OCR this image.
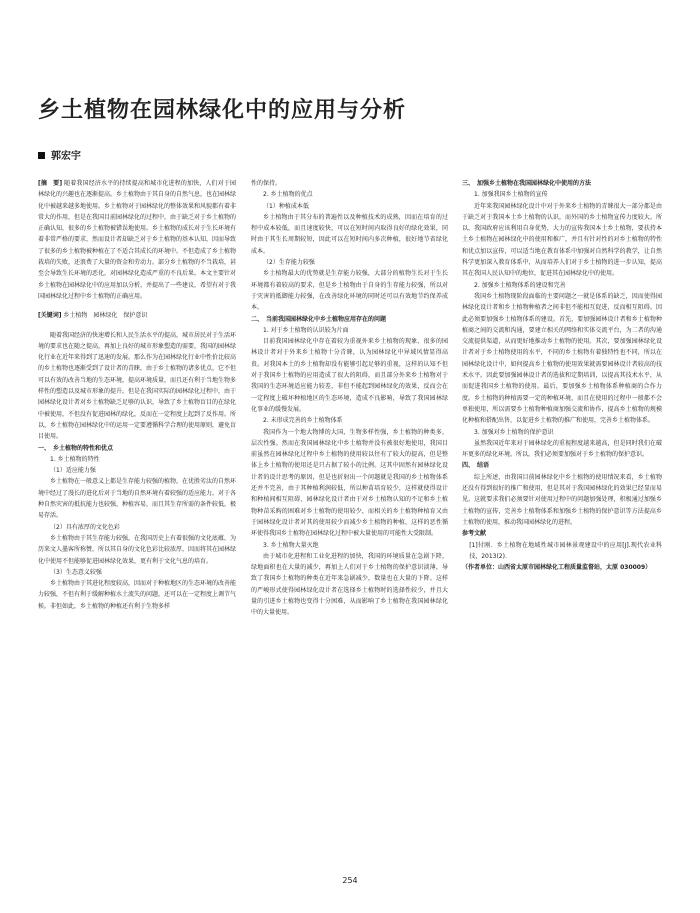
乡土植物在园林绿化中的应用与分析
郭宏宇

[摘　要] 随着我国经济水平的持续提高和城市化进程的加快，人们对于园林绿化的兴趣也在逐渐提高。乡土植物由于其自身的自然气息，也在园林绿化中被越来越多地使用。乡土植物对于园林绿化的整体效果和风貌都有着非常大的作用，但是在我国目前园林绿化的过程中，由于缺乏对于乡土植物的正确认知，很多的乡土植物被错误地使用。乡土植物的成长对于生长环境有着非常严格的要求，然而设计者却缺乏对于乡土植物的基本认知，因而导致了很多的乡土植物被种植在了不适合其成长的环境中。不但造成了乡土植物栽培的失败，还浪费了大量的资金和劳动力。部分乡土植物的不当栽培，甚至会导致生长环境的恶化，对园林绿化造成严重的不良后果。本文主要针对乡土植物在园林绿化中的应用加以分析，并提出了一些建议，希望有对于我国园林绿化过程中乡土植物的正确应用。

[关键词] 乡土植物　园林绿化　保护意识

随着我国经济的快速增长和人民生活水平的提高，城市居民对于生活环境的要求也在随之提高，再加上良好的城市形象塑造的需要，我国的园林绿化行业在近年来得到了迅速的发展。那么作为在园林绿化行业中性价比较高的乡土植物也逐渐受到了设计者的青睐，由于乡土植物的诸多优点，它不但可以有效的改善当地的生态环境，提高环境质量，而且还有利于当地生物多样性的塑造以及城市形象的提升。但是在我国实际的园林绿化过程中，由于园林绿化设计者对乡土植物缺乏足够的认识，导致了乡土植物盲目的在绿化中被使用，不但没有促进园林的绿化，反而在一定程度上起到了反作用。所以，乡土植物在园林绿化中的运用一定要遵循科学合理的使用原则，避免盲目使用。

一、　乡土植物的特性和优点

1. 乡土植物的特性

（1）适应能力强

乡土植物在一般意义上都是生存能力较强的植物，在优胜劣汰的自然环境中经过了漫长的进化后对于当地的自然环境有着较强的适应能力。对于各种自然灾害的抵抗能力也较强，种植容易，而且其生存所需的条件较低，极易存活。

（2）具有浓厚的文化色彩

乡土植物由于其生存能力较强，在我国历史上有着很强的文化底蕴，为历来文人墨客所称赞，所以其自身的文化色彩比较浓厚，因而将其在园林绿化中使用不但能够促进园林绿化效果，更有利于文化气息的培育。

（3）生态意义较强

乡土植物由于其进化程度较高，因而对于种植地区的生态环境的改善能力较强，不但有利于缓解种植水土流失的问题，还可以在一定程度上调节气候。非但如此，乡土植物的种植还有利于生物多样

性的保持。

2. 乡土植物的优点

（1）种植成本低

乡土植物由于其分布的普遍性以及种植技术的成熟，因而在培育的过程中成本较低，而且速度较快，可以在短时间内取得良好的绿化效果，同时由于其生长周期较短，因此可以在短时间内多次种植，很好地节省绿化成本。

（2）生存能力较强

乡土植物最大的优势就是生存能力较强，大部分的植物生长对于生长环境都有着较高的要求，但是乡土植物由于自身的生存能力较强，所以对于灾害的抵御能力较强，在改善绿化环境的同时还可以有效地节约保养成本。

二、　当前我国园林绿化中乡土植物应用存在的问题

1. 对于乡土植物的认识较为片面

目前我国园林绿化中存在着较为重视外来乡土植物的现象，很多的园林设计者对于外来乡土植物十分青睐，认为园林绿化中异域风情显得高贵。对我国本土的乡土植物却没有能够引起足够的重视，这样的认知不但对于我国乡土植物的应用造成了很大的阻碍，而且部分外来乡土植物对于我国的生态环境适应能力较差，非但不能起到园林绿化的效果，反而会在一定程度上破坏种植地区的生态环境，造成不良影响，导致了我国园林绿化事业的缓慢发展。

2. 未形成完善的乡土植物体系

我国作为一个地大物博的大国，生物多样性强，乡土植物的种类多，层次性强。然而在我国园林绿化中乡土植物并没有被很好地使用，我国目前虽然在园林绿化过程中乡土植物的使用较以往有了较大的提高，但是整体上乡土植物的使用还是只占据了较小的比例。这其中固然有园林绿化设计者的设计思考的原因，但是也折射出一个问题就是我国的乡土植物体系还并不完善，由于其种植利润较低，所以种苗培育较少，这样就使得设计和种植间相互阻碍，园林绿化设计者由于对乡土植物认知的不足和乡土植物种苗采购的困难对乡土植物的使用较少，而相关的乡土植物种植育又由于园林绿化设计者对其的使用较少而减少乡土植物的种植，这样的恶性循环使得我国乡土植物在园林绿化过程中被大量使用的可能性大受限制。

3. 乡土植物大量灭绝

由于城市化进程和工业化进程的加快，我国的环境质量在急剧下降，绿地面积也在大量的减少，再加上人们对于乡土植物的保护意识淡薄，导致了我国乡土植物的种类在近年来急剧减少，数量也在大量的下降。这样的严峻形式使得园林绿化设计者在选择乡土植物时的选择性较少，并且大量的引进乡土植物也变得十分困难，从而影响了乡土植物在我国园林绿化中的大量使用。

三、　加强乡土植物在我国园林绿化中使用的方法

1. 加强我国乡土植物的宣传

近年来我国园林绿化设计中对于外来乡土植物的青睐很大一部分都是由于缺乏对于我国本土乡土植物的认识，而外国的乡土植物宣传力度较大。所以，我国政府应该利用自身优势，大力的宣传我国本土乡土植物，要扶持本土乡土植物在园林绿化中的使用和推广，并且有针对性的对乡土植物的特性和优点加以宣传，可以适当地在教育体系中加强对自然科学的教学，让自然科学更加深入教育体系中，从而培养人们对于乡土植物的进一步认知，提高其在我国人民认知中的地位，促进其在园林绿化中的使用。

2. 加强乡土植物体系的建设和完善

我国乡土植物现阶段面临的主要问题之一就是体系的缺乏，因而使得园林绿化设计者和乡土植物种植者之间非但不能相互促进，反而相互阻碍。因此必须要加强乡土植物体系的建设。首先，要加强园林设计者和乡土植物种植商之间的交流和沟通，要建立相关的网络和实体交流平台，为二者的沟通交流提供渠道，从而更好地推动乡土植物的使用。其次，要加强园林绿化设计者对于乡土植物使用的水平，不同的乡土植物有着独特性也不同，所以在园林绿化设计中，如何提高乡土植物的使用效果就需要园林设计者较高的技术水平。因此要加强园林设计者的选拔和定期培训，以提高其技术水平，从而促进我国乡土植物的使用。最后，要加强乡土植物体系种植商的合作力度。乡土植物的种植需要一定的种植环境，而且在使用的过程中一般都不会单独使用，所以需要乡土植物种植商加强交流和协作，提高乡土植物的规模化种植和搭配出售，以促进乡土植物的推广和使用，完善乡土植物体系。

3. 加强对乡土植物的保护意识

虽然我国近年来对于园林绿化的重视程度越来越高，但是同时我们在破坏更多的绿化环境。所以，我们必须要加强对于乡土植物的保护意识。

四、　结语

综上所述，由我国目前园林绿化中乡土植物的使用情况来看，乡土植物还没有得到很好的推广和使用，但是其对于我国园林绿化的效果已经显而易见。这就要求我们必须要针对使用过程中的问题加强处理，积极通过加强乡土植物的宣传，完善乡土植物体系和加强乡土植物的保护意识等方法提高乡土植物的使用，推动我国园林绿化的进程。

参考文献

[1]付刚．乡土植物在地域性城市园林景观建设中的应用[J].现代农业科技，2013(2).

（作者单位：山西省太原市园林绿化工程质量监督站，太原 030009）

254
